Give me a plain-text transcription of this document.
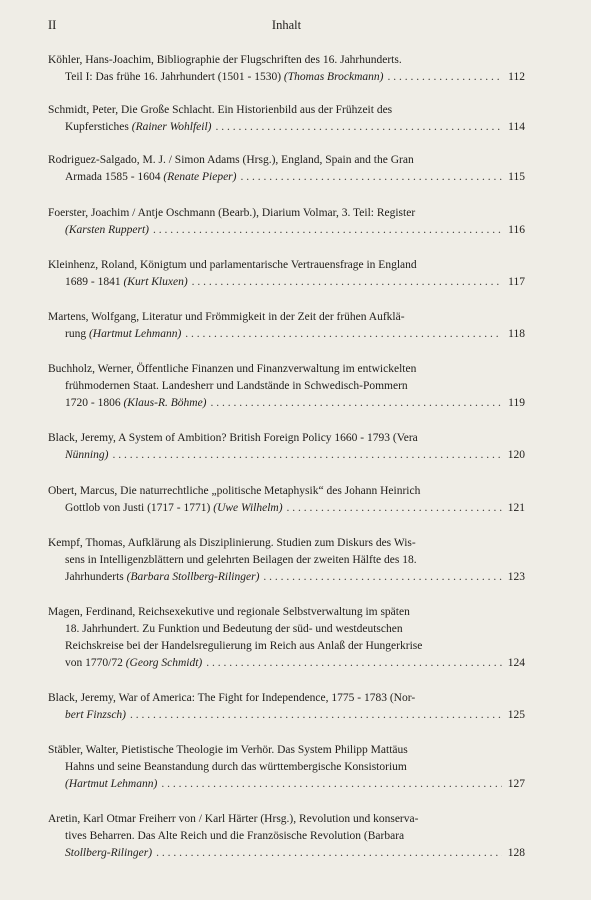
II	Inhalt
Köhler, Hans-Joachim, Bibliographie der Flugschriften des 16. Jahrhunderts.
Teil I: Das frühe 16. Jahrhundert (1501 - 1530) (Thomas Brockmann) . . .	112
Schmidt, Peter, Die Große Schlacht. Ein Historienbild aus der Frühzeit des
Kupferstiches (Rainer Wohlfeil) . . .	114
Rodriguez-Salgado, M. J. / Simon Adams (Hrsg.), England, Spain and the Gran
Armada 1585 - 1604 (Renate Pieper) . . .	115
Foerster, Joachim / Antje Oschmann (Bearb.), Diarium Volmar, 3. Teil: Register
(Karsten Ruppert) . . .	116
Kleinhenz, Roland, Königtum und parlamentarische Vertrauensfrage in England
1689 - 1841 (Kurt Kluxen) . . .	117
Martens, Wolfgang, Literatur und Frömmigkeit in der Zeit der frühen Aufklä-
rung (Hartmut Lehmann) . . .	118
Buchholz, Werner, Öffentliche Finanzen und Finanzverwaltung im entwickelten
frühmodernen Staat. Landesherr und Landstände in Schwedisch-Pommern
1720 - 1806 (Klaus-R. Böhme) . . .	119
Black, Jeremy, A System of Ambition? British Foreign Policy 1660 - 1793 (Vera
Nünning) . . .	120
Obert, Marcus, Die naturrechtliche „politische Metaphysik“ des Johann Heinrich
Gottlob von Justi (1717 - 1771) (Uwe Wilhelm) . . .	121
Kempf, Thomas, Aufklärung als Disziplinierung. Studien zum Diskurs des Wis-
sens in Intelligenzblättern und gelehrten Beilagen der zweiten Hälfte des 18.
Jahrhunderts (Barbara Stollberg-Rilinger) . . .	123
Magen, Ferdinand, Reichsexekutive und regionale Selbstverwaltung im späten
18. Jahrhundert. Zu Funktion und Bedeutung der süd- und westdeutschen
Reichskreise bei der Handelsregulierung im Reich aus Anlaß der Hungerkrise
von 1770/72 (Georg Schmidt) . . .	124
Black, Jeremy, War of America: The Fight for Independence, 1775 - 1783 (Nor-
bert Finzsch) . . .	125
Stäbler, Walter, Pietistische Theologie im Verhör. Das System Philipp Mattäus
Hahns und seine Beanstandung durch das württembergische Konsistorium
(Hartmut Lehmann) . . .	127
Aretin, Karl Otmar Freiherr von / Karl Härter (Hrsg.), Revolution und konserva-
tives Beharren. Das Alte Reich und die Französische Revolution (Barbara
Stollberg-Rilinger) . . .	128
